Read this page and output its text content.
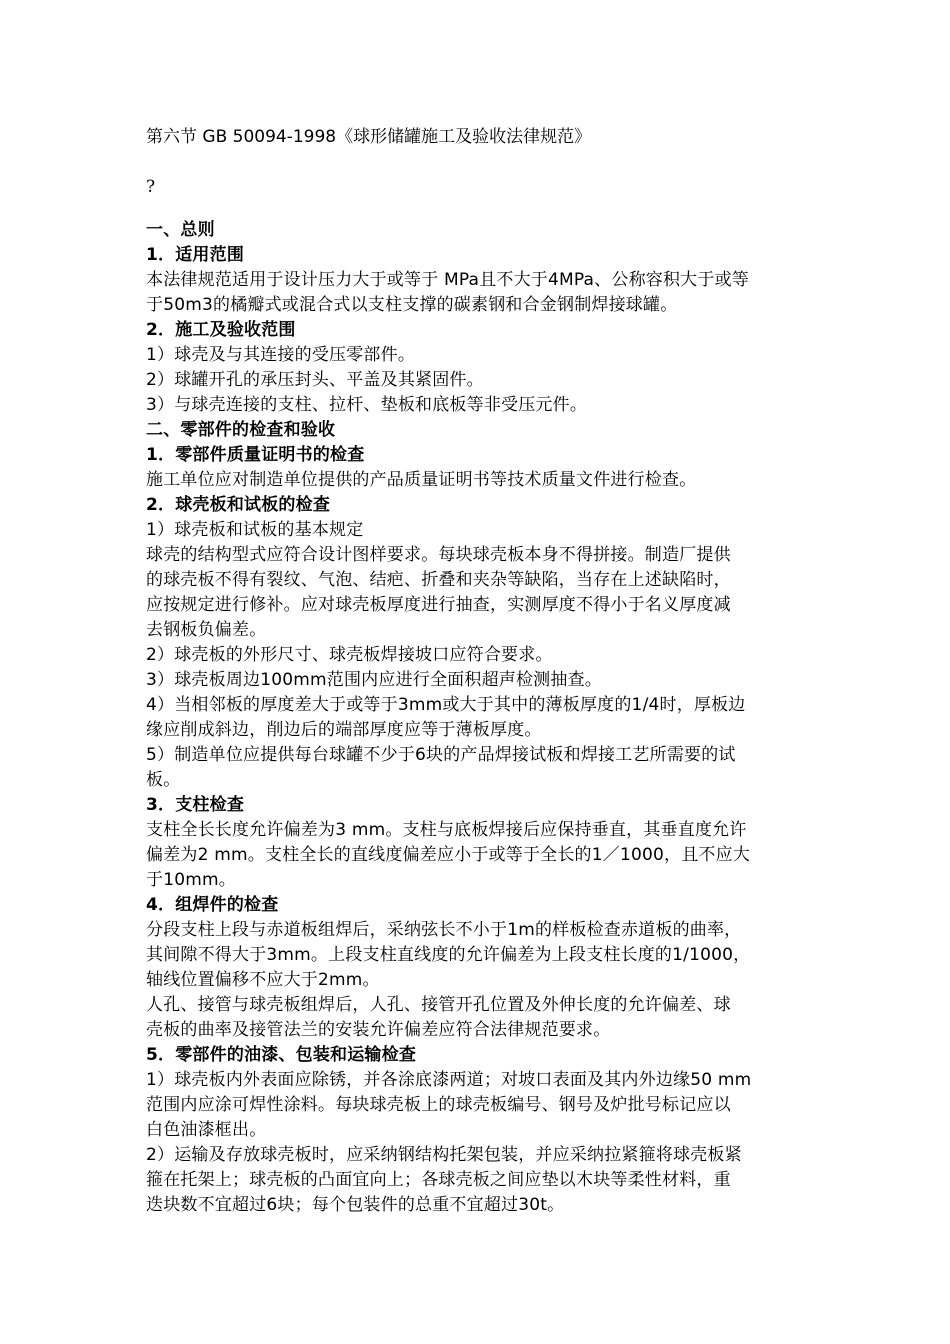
第六节 GB 50094-1998《球形储罐施工及验收法律规范》
?

一、总则

1．适用范围

本法律规范适用于设计压力大于或等于 MPa且不大于4MPa、公称容积大于或等

于50m3的橘瓣式或混合式以支柱支撑的碳素钢和合金钢制焊接球罐。

2．施工及验收范围

1）球壳及与其连接的受压零部件。

2）球罐开孔的承压封头、平盖及其紧固件。

3）与球壳连接的支柱、拉杆、垫板和底板等非受压元件。

二、零部件的检查和验收

1．零部件质量证明书的检查

施工单位应对制造单位提供的产品质量证明书等技术质量文件进行检查。

2．球壳板和试板的检查

1）球壳板和试板的基本规定

球壳的结构型式应符合设计图样要求。每块球壳板本身不得拼接。制造厂提供

的球壳板不得有裂纹、气泡、结疤、折叠和夹杂等缺陷，当存在上述缺陷时，

应按规定进行修补。应对球壳板厚度进行抽查，实测厚度不得小于名义厚度减

去钢板负偏差。

2）球壳板的外形尺寸、球壳板焊接坡口应符合要求。

3）球壳板周边100mm范围内应进行全面积超声检测抽查。

4）当相邻板的厚度差大于或等于3mm或大于其中的薄板厚度的1/4时，厚板边

缘应削成斜边，削边后的端部厚度应等于薄板厚度。

5）制造单位应提供每台球罐不少于6块的产品焊接试板和焊接工艺所需要的试

板。

3．支柱检查

支柱全长长度允许偏差为3 mm。支柱与底板焊接后应保持垂直，其垂直度允许

偏差为2 mm。支柱全长的直线度偏差应小于或等于全长的1／1000，且不应大

于10mm。

4．组焊件的检查

分段支柱上段与赤道板组焊后，采纳弦长不小于1m的样板检查赤道板的曲率，

其间隙不得大于3mm。上段支柱直线度的允许偏差为上段支柱长度的1/1000，

轴线位置偏移不应大于2mm。

人孔、接管与球壳板组焊后，人孔、接管开孔位置及外伸长度的允许偏差、球

壳板的曲率及接管法兰的安装允许偏差应符合法律规范要求。

5．零部件的油漆、包装和运输检查

1）球壳板内外表面应除锈，并各涂底漆两道；对坡口表面及其内外边缘50 mm

范围内应涂可焊性涂料。每块球壳板上的球壳板编号、钢号及炉批号标记应以

白色油漆框出。

2）运输及存放球壳板时，应采纳钢结构托架包装，并应采纳拉紧箍将球壳板紧

箍在托架上；球壳板的凸面宜向上；各球壳板之间应垫以木块等柔性材料，重

迭块数不宜超过6块；每个包装件的总重不宜超过30t。
